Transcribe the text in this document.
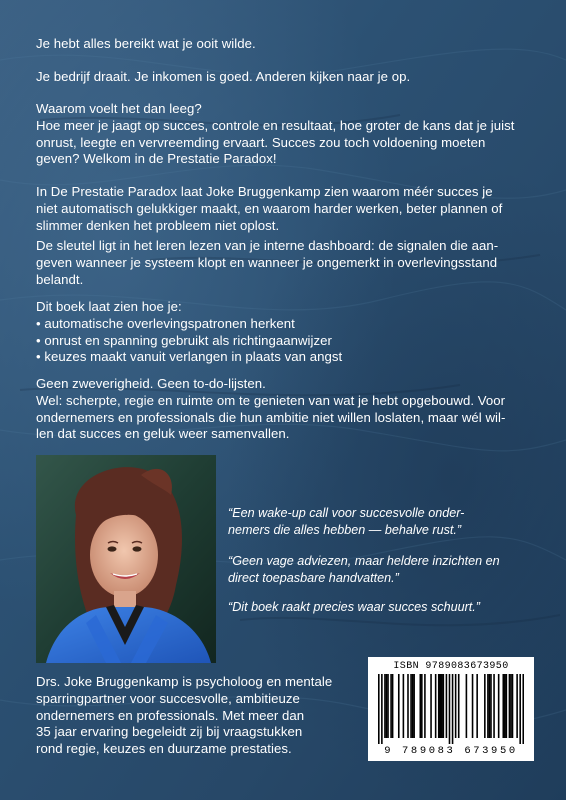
Je hebt alles bereikt wat je ooit wilde.
Je bedrijf draait. Je inkomen is goed. Anderen kijken naar je op.
Waarom voelt het dan leeg?
Hoe meer je jaagt op succes, controle en resultaat, hoe groter de kans dat je juist
onrust, leegte en vervreemding ervaart. Succes zou toch voldoening moeten
geven? Welkom in de Prestatie Paradox!
In De Prestatie Paradox laat Joke Bruggenkamp zien waarom méér succes je
niet automatisch gelukkiger maakt, en waarom harder werken, beter plannen of
slimmer denken het probleem niet oplost.
De sleutel ligt in het leren lezen van je interne dashboard: de signalen die aan-
geven wanneer je systeem klopt en wanneer je ongemerkt in overlevingsstand
belandt.
Dit boek laat zien hoe je:
• automatische overlevingspatronen herkent
• onrust en spanning gebruikt als richtingaanwijzer
• keuzes maakt vanuit verlangen in plaats van angst
Geen zweverigheid. Geen to-do-lijsten.
Wel: scherpte, regie en ruimte om te genieten van wat je hebt opgebouwd. Voor
ondernemers en professionals die hun ambitie niet willen loslaten, maar wél wil-
len dat succes en geluk weer samenvallen.
“Een wake-up call voor succesvolle onder-
nemers die alles hebben — behalve rust.”
“Geen vage adviezen, maar heldere inzichten en
direct toepasbare handvatten.”
“Dit boek raakt precies waar succes schuurt.”
Drs. Joke Bruggenkamp is psycholoog en mentale
sparringpartner voor succesvolle, ambitieuze
ondernemers en professionals. Met meer dan
35 jaar ervaring begeleidt zij bij vraagstukken
rond regie, keuzes en duurzame prestaties.
ISBN 9789083673950
9 789083 673950
